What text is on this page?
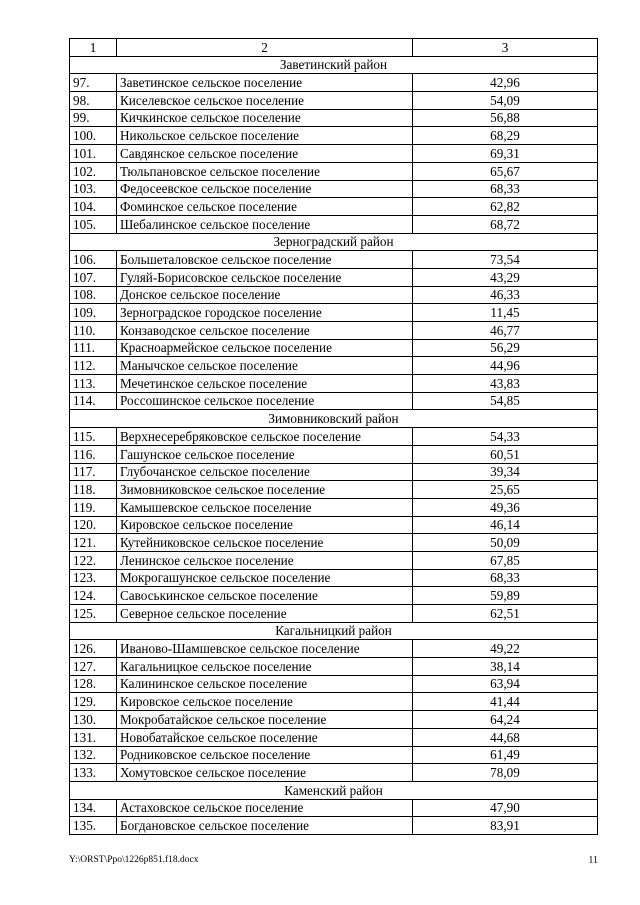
1	2	3
Заветинский район		
97.	Заветинское сельское поселение	42,96
98.	Киселевское сельское поселение	54,09
99.	Кичкинское сельское поселение	56,88
100.	Никольское сельское поселение	68,29
101.	Савдянское сельское поселение	69,31
102.	Тюльпановское сельское поселение	65,67
103.	Федосеевское сельское поселение	68,33
104.	Фоминское сельское поселение	62,82
105.	Шебалинское сельское поселение	68,72
Зерноградский район		
106.	Большеталовское сельское поселение	73,54
107.	Гуляй-Борисовское сельское поселение	43,29
108.	Донское сельское поселение	46,33
109.	Зерноградское городское поселение	11,45
110.	Конзаводское сельское поселение	46,77
111.	Красноармейское сельское поселение	56,29
112.	Манычское сельское поселение	44,96
113.	Мечетинское сельское поселение	43,83
114.	Россошинское сельское поселение	54,85
Зимовниковский район		
115.	Верхнесеребряковское сельское поселение	54,33
116.	Гашунское сельское поселение	60,51
117.	Глубочанское сельское поселение	39,34
118.	Зимовниковское сельское поселение	25,65
119.	Камышевское сельское поселение	49,36
120.	Кировское сельское поселение	46,14
121.	Кутейниковское сельское поселение	50,09
122.	Ленинское сельское поселение	67,85
123.	Мокрогашунское сельское поселение	68,33
124.	Савоськинское сельское поселение	59,89
125.	Северное сельское поселение	62,51
Кагальницкий район		
126.	Иваново-Шамшевское сельское поселение	49,22
127.	Кагальницкое сельское поселение	38,14
128.	Калининское сельское поселение	63,94
129.	Кировское сельское поселение	41,44
130.	Мокробатайское сельское поселение	64,24
131.	Новобатайское сельское поселение	44,68
132.	Родниковское сельское поселение	61,49
133.	Хомутовское сельское поселение	78,09
Каменский район		
134.	Астаховское сельское поселение	47,90
135.	Богдановское сельское поселение	83,91
Y:\ORST\Ppo\1226p851.f18.docx	11
